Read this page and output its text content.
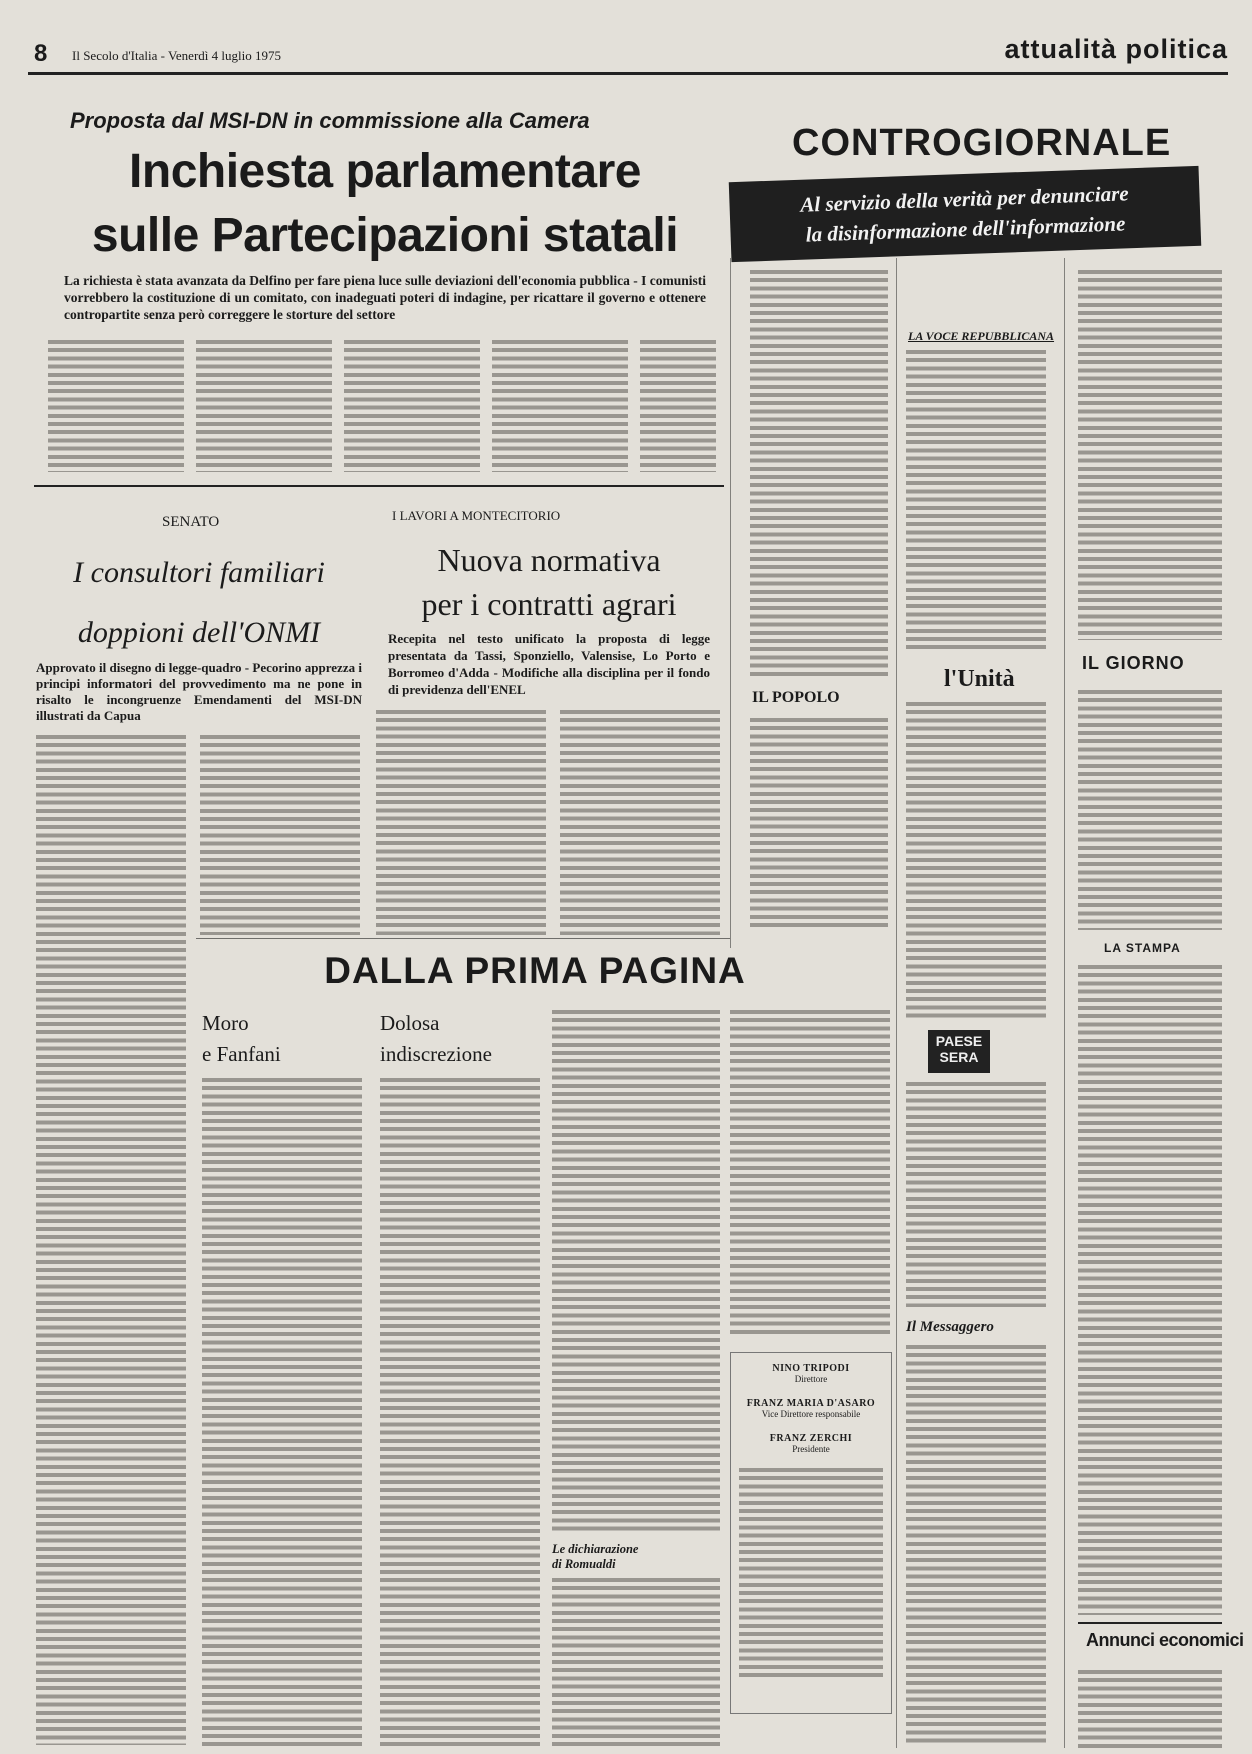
8 Il Secolo d'Italia - Venerdì 4 luglio 1975	attualità politica
Proposta dal MSI-DN in commissione alla Camera
Inchiesta parlamentare
sulle Partecipazioni statali
La richiesta è stata avanzata da Delfino per fare piena luce sulle deviazioni dell'economia pubblica - I comunisti vorrebbero la costituzione di un comitato, con inadeguati poteri di indagine, per ricattare il governo e ottenere contropartite senza però correggere le storture del settore
CONTROGIORNALE
Al servizio della verità per denunciare
la disinformazione dell'informazione
LA VOCE REPUBBLICANA
IL POPOLO
l'Unità
IL GIORNO
LA STAMPA
PAESE
SERA
Il Messaggero
Annunci economici
SENATO
I consultori familiari
doppioni dell'ONMI
Approvato il disegno di legge-quadro - Pecorino apprezza i principi informatori del provvedimento ma ne pone in risalto le incongruenze Emendamenti del MSI-DN illustrati da Capua
I LAVORI A MONTECITORIO
Nuova normativa
per i contratti agrari
Recepita nel testo unificato la proposta di legge presentata da Tassi, Sponziello, Valensise, Lo Porto e Borromeo d'Adda - Modifiche alla disciplina per il fondo di previdenza dell'ENEL
DALLA PRIMA PAGINA
Moro
e Fanfani
Dolosa
indiscrezione
Le dichiarazione
di Romualdi
NINO TRIPODI
Direttore
FRANZ MARIA D'ASARO
Vice Direttore responsabile
FRANZ ZERCHI
Presidente
